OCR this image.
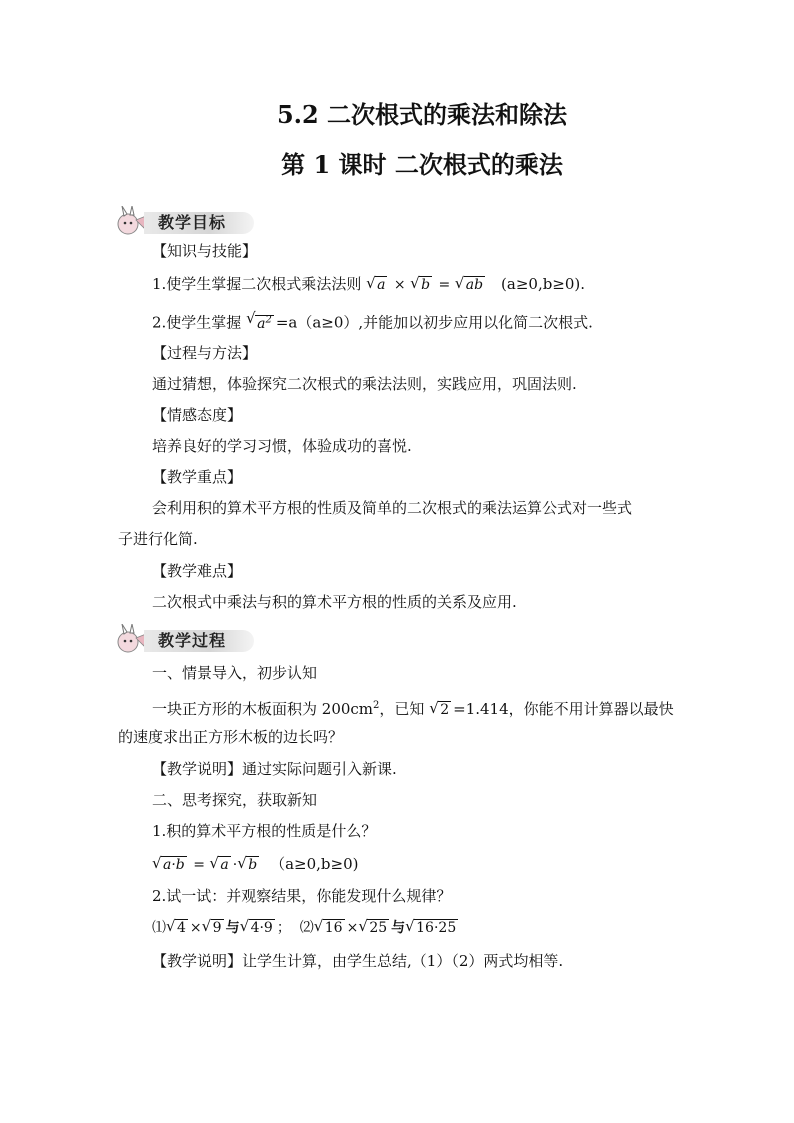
5.2 二次根式的乘法和除法
第 1 课时 二次根式的乘法
教学目标
【知识与技能】
1.使学生掌握二次根式乘法法则 √ a × √ b = √ ab (a≥0,b≥0).
2.使学生掌握 √ $a^2 =a(a\ge 0)$,并能加以初步应用以化简二次根式.
【过程与方法】
通过猜想，体验探究二次根式的乘法法则，实践应用，巩固法则.
【情感态度】
培养良好的学习习惯，体验成功的喜悦.
【教学重点】
会利用积的算术平方根的性质及简单的二次根式的乘法运算公式对一些式
子进行化简.
【教学难点】
二次根式中乘法与积的算术平方根的性质的关系及应用.
教学过程
一、情景导入，初步认知
一块正方形的木板面积为 $200cm^2$，已知 √ 2 =1.414，你能不用计算器以最快
的速度求出正方形木板的边长吗？
【教学说明】通过实际问题引入新课.
二、思考探究，获取新知
1.积的算术平方根的性质是什么？
√ a·b = √ a · √ b （a≥0,b≥0)
2.试一试：并观察结果，你能发现什么规律？
⑴ √ 4 × √ 9 与 √ 4·9 ；  ⑵ √ 16 × √ 25 与 √ 16·25
【教学说明】让学生计算，由学生总结,（1）（2）两式均相等.
